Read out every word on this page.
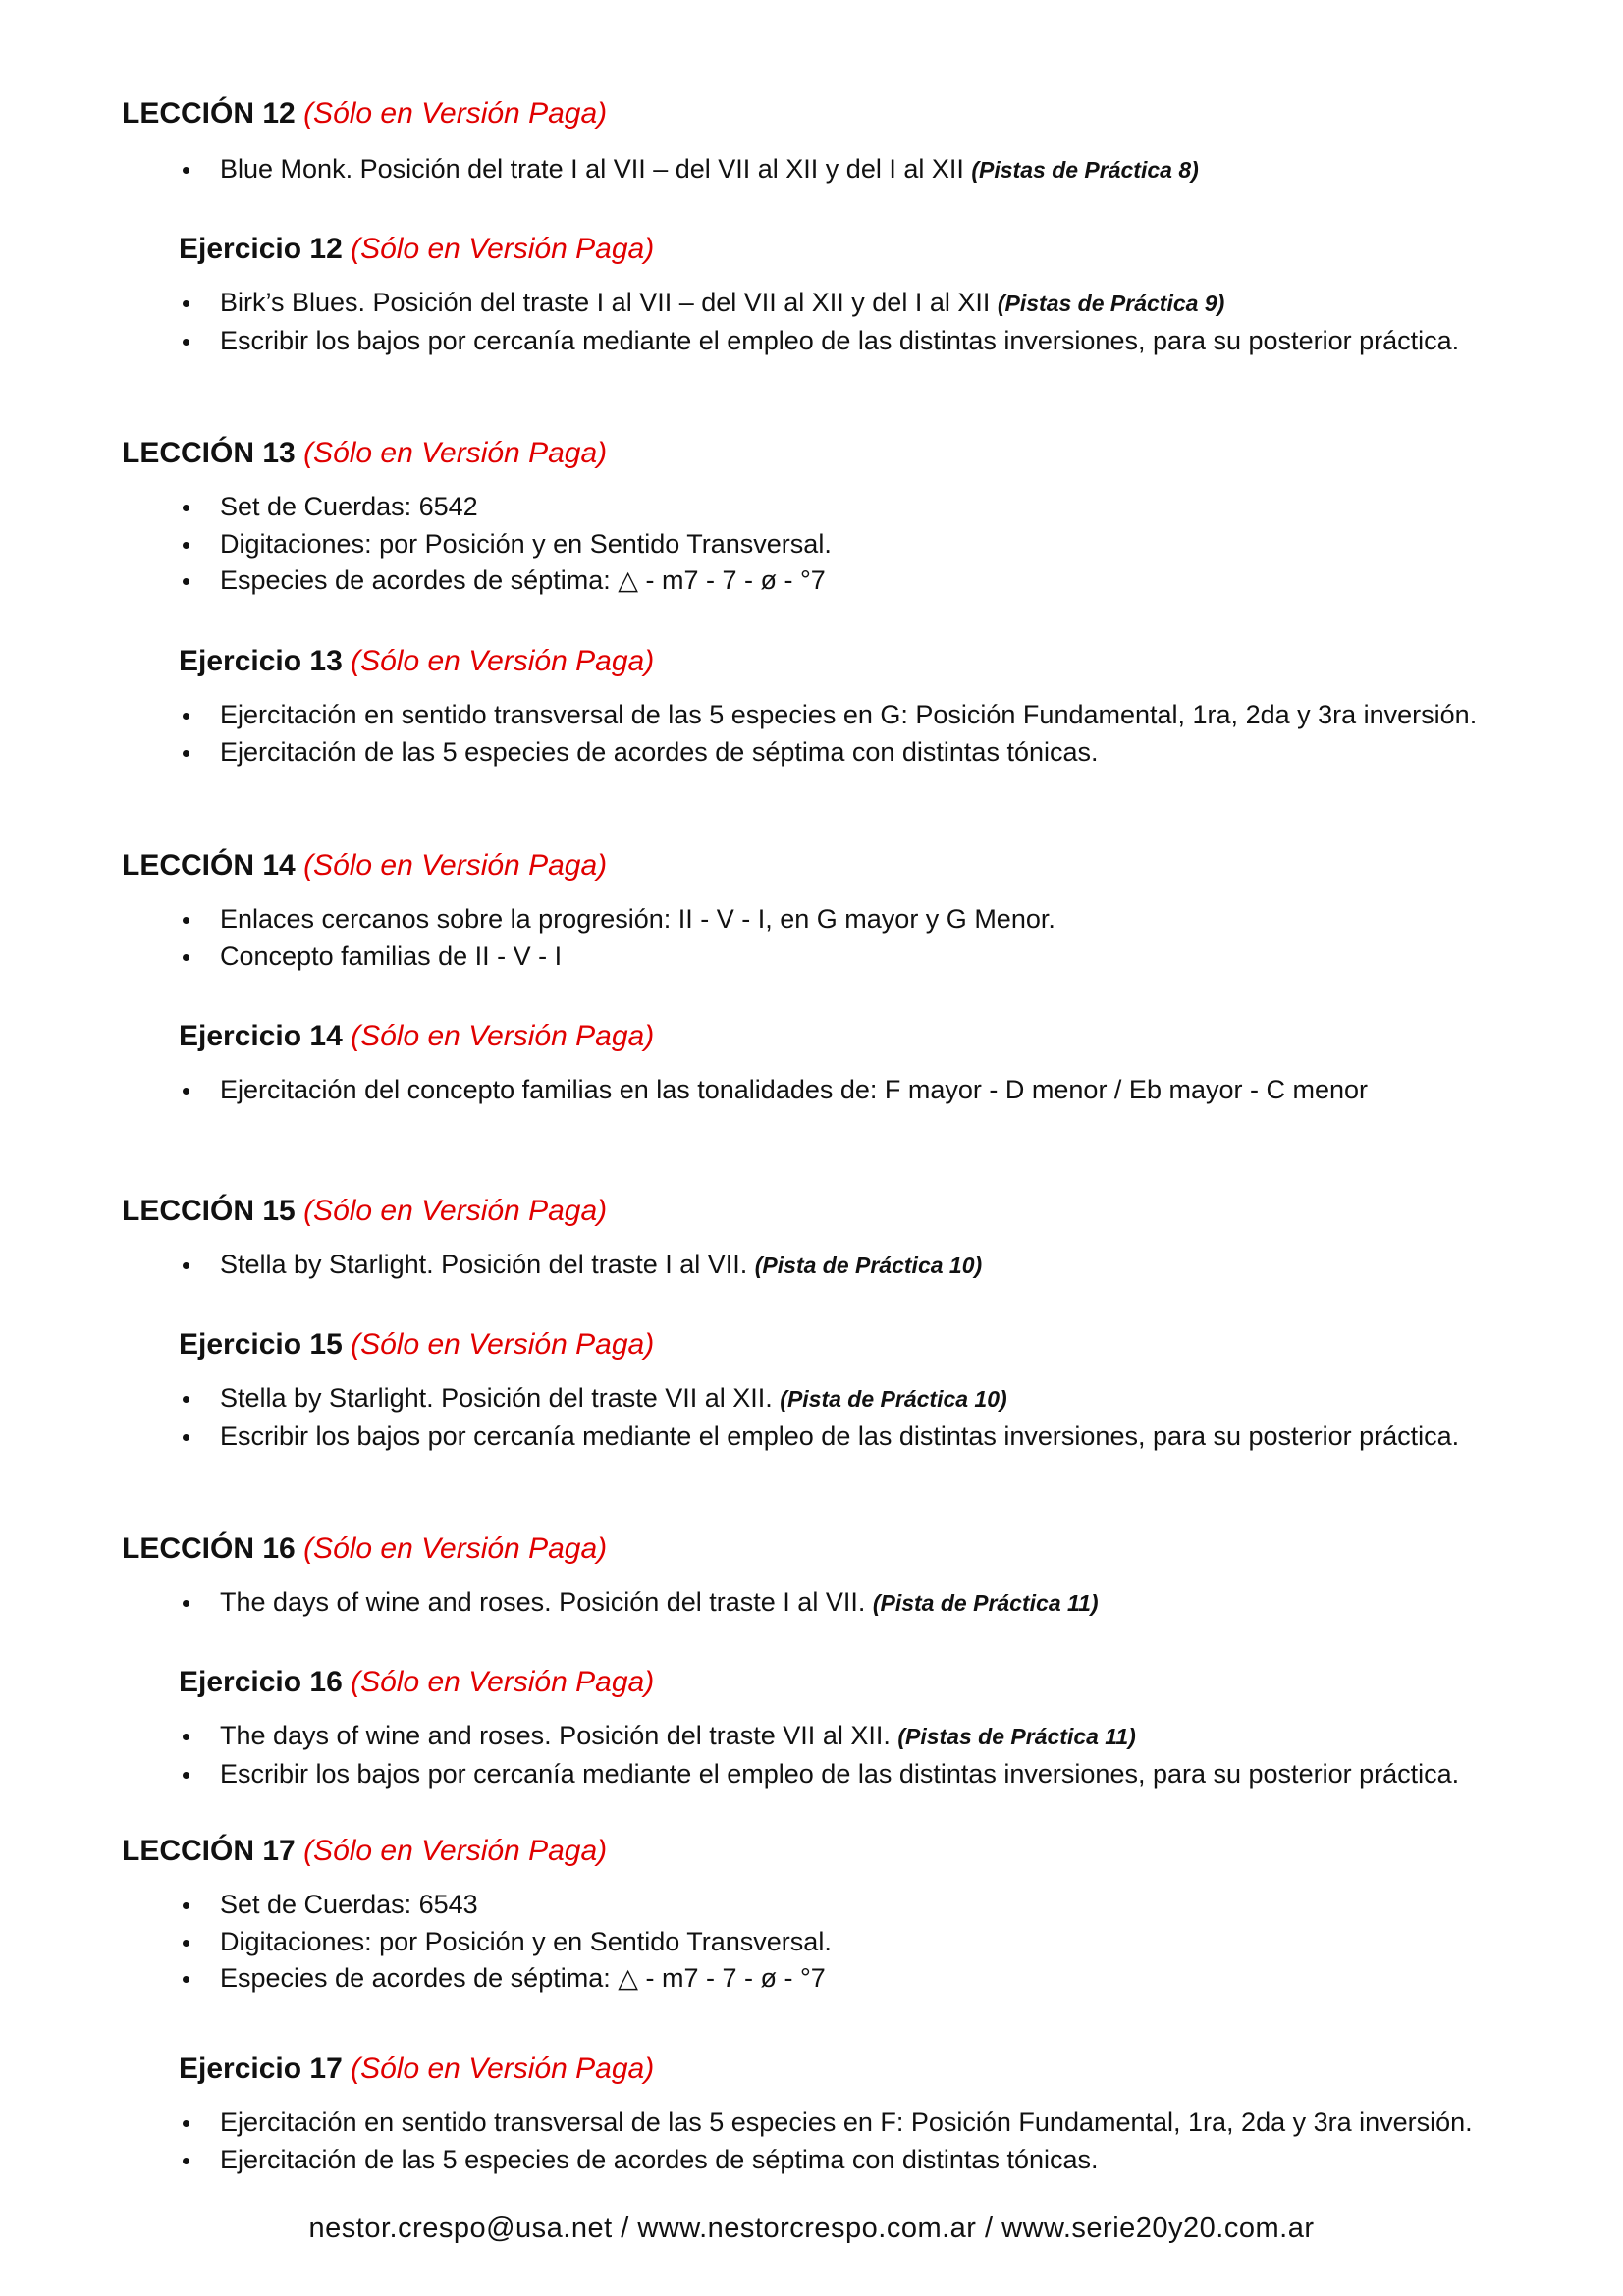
LECCIÓN 12 (Sólo en Versión Paga)
Blue Monk. Posición del trate I al VII – del VII al XII y del I al XII (Pistas de Práctica 8)
Ejercicio 12 (Sólo en Versión Paga)
Birk’s Blues. Posición del traste I al VII – del VII al XII y del I al XII (Pistas de Práctica 9)
Escribir los bajos por cercanía mediante el empleo de las distintas inversiones, para su posterior práctica.
LECCIÓN 13 (Sólo en Versión Paga)
Set de Cuerdas: 6542
Digitaciones: por Posición y en Sentido Transversal.
Especies de acordes de séptima: △ - m7 - 7 - ø - °7
Ejercicio 13 (Sólo en Versión Paga)
Ejercitación en sentido transversal de las 5 especies en G: Posición Fundamental, 1ra, 2da y 3ra inversión.
Ejercitación de las 5 especies de acordes de séptima con distintas tónicas.
LECCIÓN 14 (Sólo en Versión Paga)
Enlaces cercanos sobre la progresión: II - V - I, en G mayor y G Menor.
Concepto familias de II - V - I
Ejercicio 14 (Sólo en Versión Paga)
Ejercitación del concepto familias en las tonalidades de: F mayor - D menor / Eb mayor - C menor
LECCIÓN 15 (Sólo en Versión Paga)
Stella by Starlight. Posición del traste I al VII. (Pista de Práctica 10)
Ejercicio 15 (Sólo en Versión Paga)
Stella by Starlight. Posición del traste VII al XII. (Pista de Práctica 10)
Escribir los bajos por cercanía mediante el empleo de las distintas inversiones, para su posterior práctica.
LECCIÓN 16 (Sólo en Versión Paga)
The days of wine and roses. Posición del traste I al VII. (Pista de Práctica 11)
Ejercicio 16 (Sólo en Versión Paga)
The days of wine and roses. Posición del traste VII al XII. (Pistas de Práctica 11)
Escribir los bajos por cercanía mediante el empleo de las distintas inversiones, para su posterior práctica.
LECCIÓN 17 (Sólo en Versión Paga)
Set de Cuerdas: 6543
Digitaciones: por Posición y en Sentido Transversal.
Especies de acordes de séptima: △ - m7 - 7 - ø - °7
Ejercicio 17 (Sólo en Versión Paga)
Ejercitación en sentido transversal de las 5 especies en F: Posición Fundamental, 1ra, 2da y 3ra inversión.
Ejercitación de las 5 especies de acordes de séptima con distintas tónicas.
nestor.crespo@usa.net / www.nestorcrespo.com.ar / www.serie20y20.com.ar
